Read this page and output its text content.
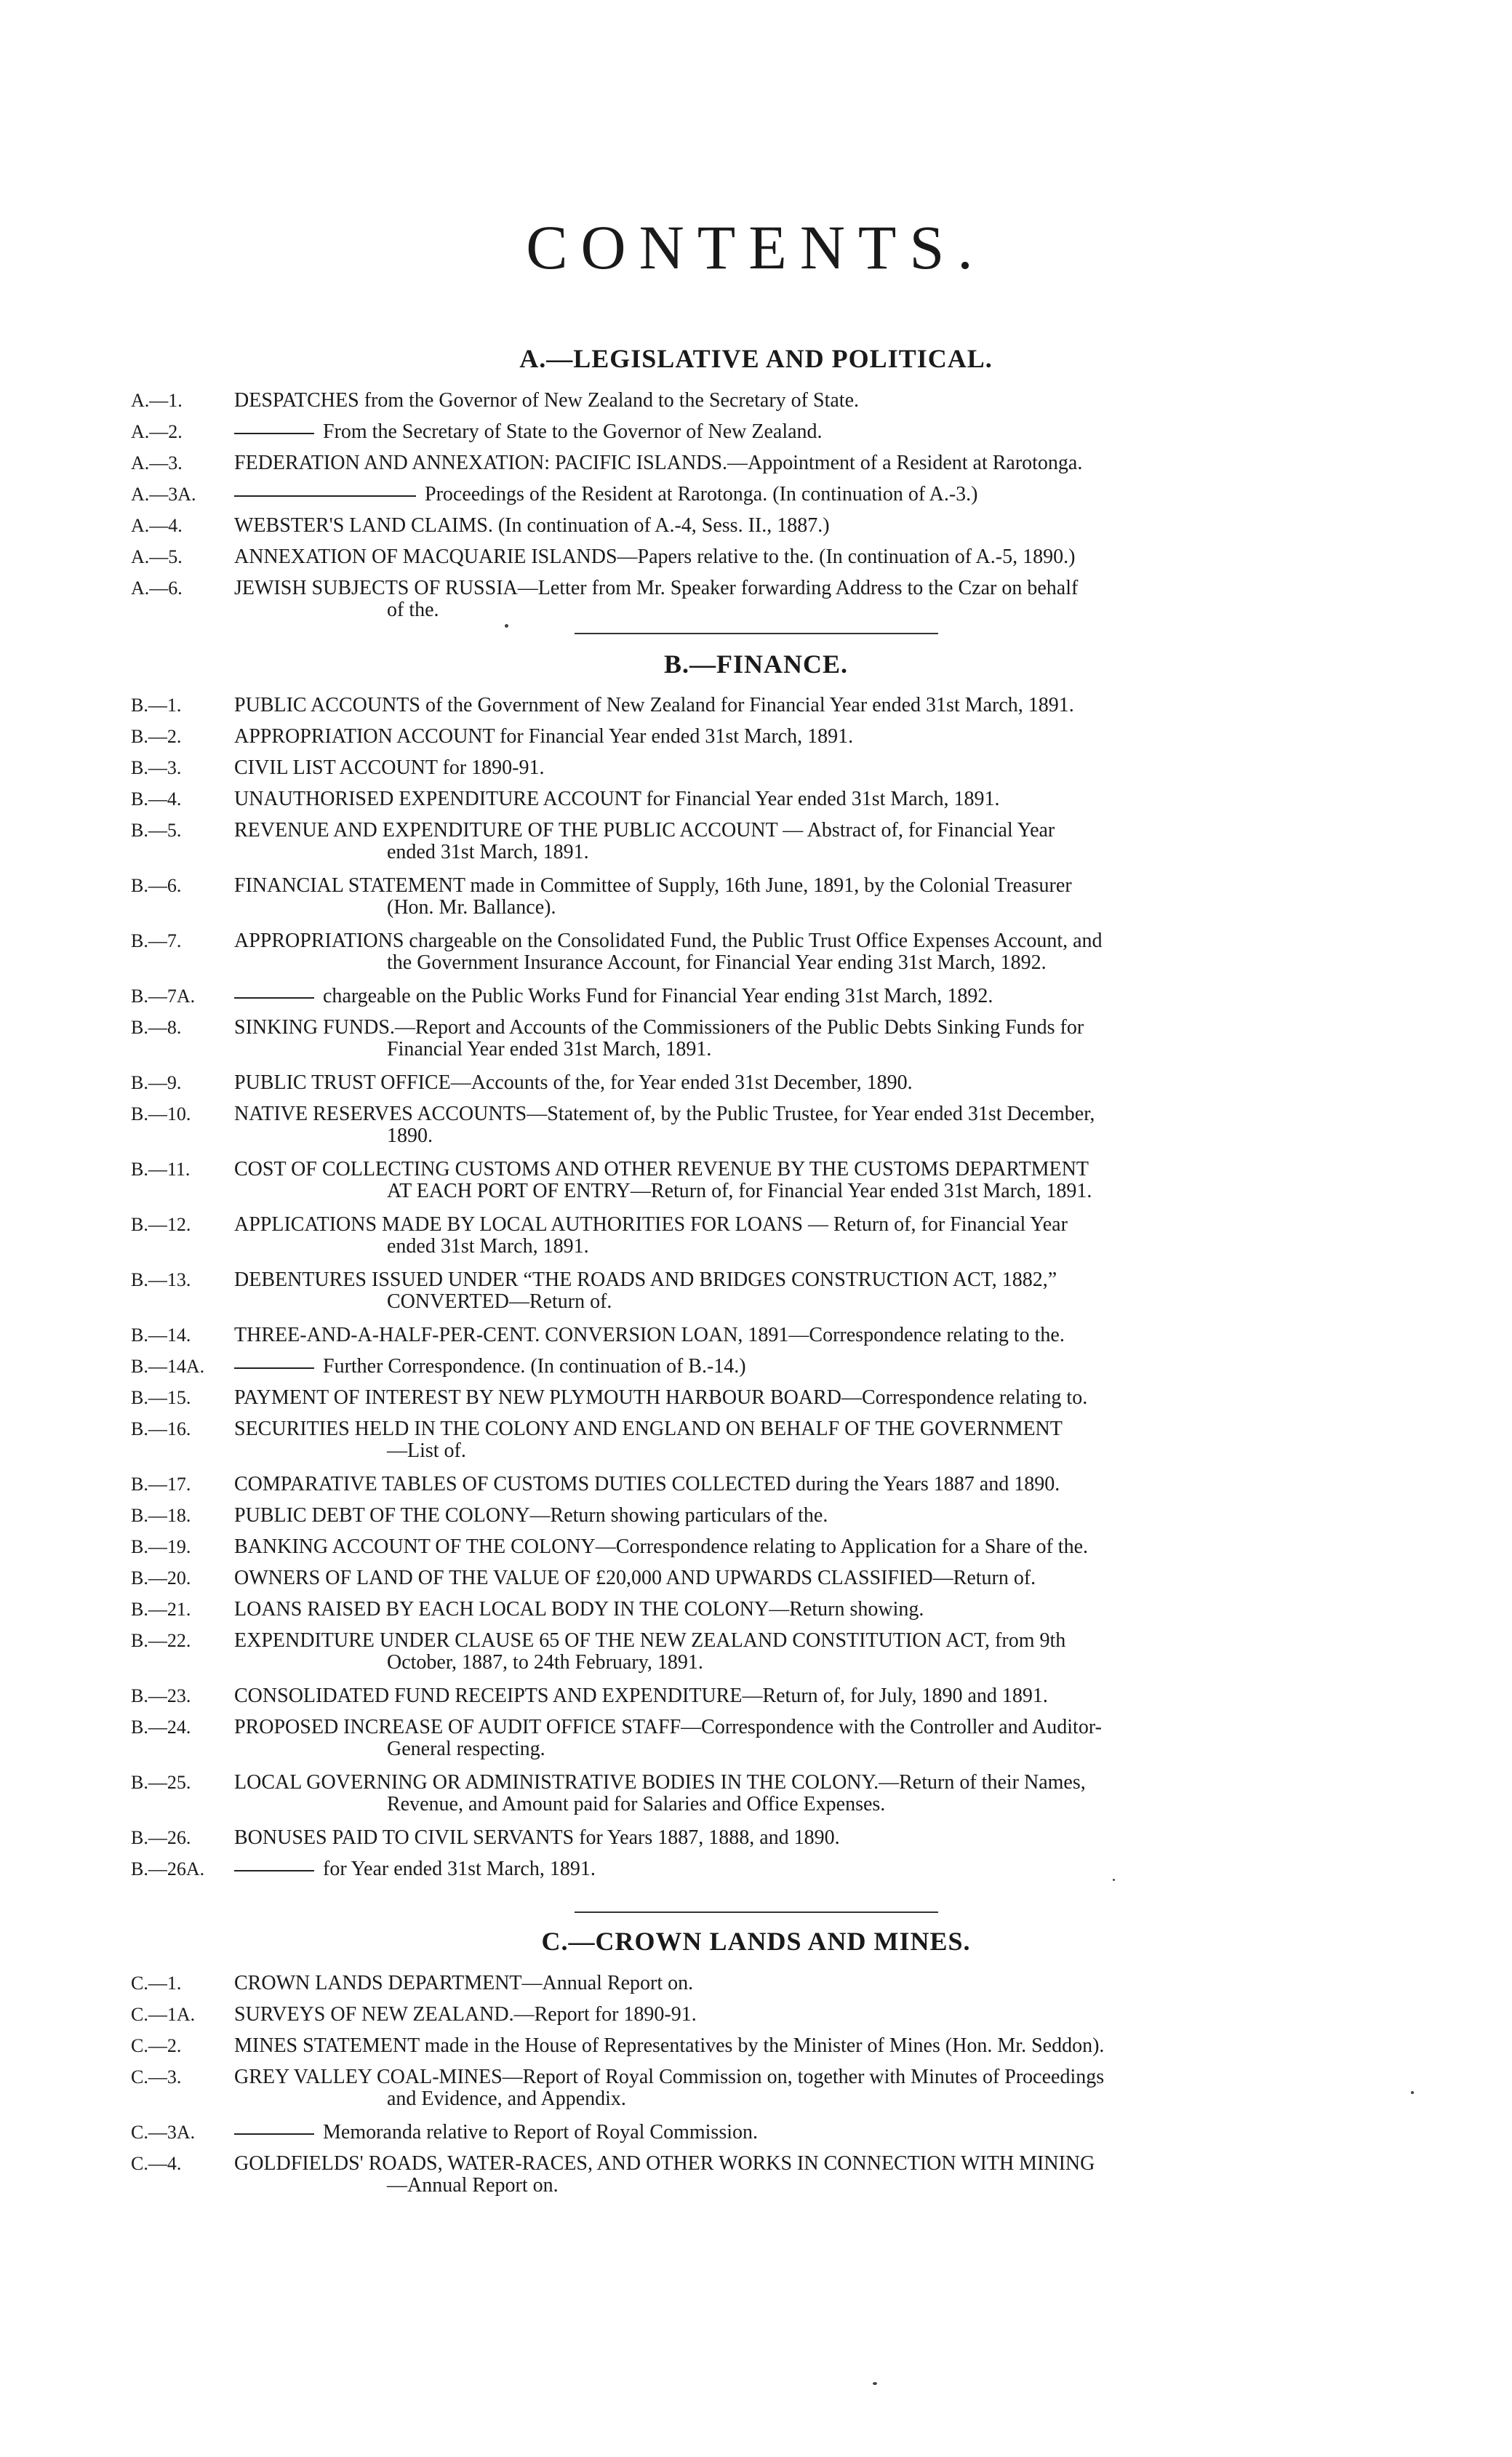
CONTENTS.
A.—LEGISLATIVE AND POLITICAL.
A.—1.	DESPATCHES from the Governor of New Zealand to the Secretary of State.
A.—2.	From the Secretary of State to the Governor of New Zealand.
A.—3.	FEDERATION AND ANNEXATION: PACIFIC ISLANDS.—Appointment of a Resident at Rarotonga.
A.—3A.	Proceedings of the Resident at Rarotonga. (In continuation of A.-3.)
A.—4.	WEBSTER'S LAND CLAIMS. (In continuation of A.-4, Sess. II., 1887.)
A.—5.	ANNEXATION OF MACQUARIE ISLANDS—Papers relative to the. (In continuation of A.-5, 1890.)
A.—6.	JEWISH SUBJECTS OF RUSSIA—Letter from Mr. Speaker forwarding Address to the Czar on behalf
of the.
B.—FINANCE.
B.—1.	PUBLIC ACCOUNTS of the Government of New Zealand for Financial Year ended 31st March, 1891.
B.—2.	APPROPRIATION ACCOUNT for Financial Year ended 31st March, 1891.
B.—3.	CIVIL LIST ACCOUNT for 1890-91.
B.—4.	UNAUTHORISED EXPENDITURE ACCOUNT for Financial Year ended 31st March, 1891.
B.—5.	REVENUE AND EXPENDITURE OF THE PUBLIC ACCOUNT — Abstract of, for Financial Year
ended 31st March, 1891.
B.—6.	FINANCIAL STATEMENT made in Committee of Supply, 16th June, 1891, by the Colonial Treasurer
(Hon. Mr. Ballance).
B.—7.	APPROPRIATIONS chargeable on the Consolidated Fund, the Public Trust Office Expenses Account, and
the Government Insurance Account, for Financial Year ending 31st March, 1892.
B.—7A.	chargeable on the Public Works Fund for Financial Year ending 31st March, 1892.
B.—8.	SINKING FUNDS.—Report and Accounts of the Commissioners of the Public Debts Sinking Funds for
Financial Year ended 31st March, 1891.
B.—9.	PUBLIC TRUST OFFICE—Accounts of the, for Year ended 31st December, 1890.
B.—10.	NATIVE RESERVES ACCOUNTS—Statement of, by the Public Trustee, for Year ended 31st December,
1890.
B.—11.	COST OF COLLECTING CUSTOMS AND OTHER REVENUE BY THE CUSTOMS DEPARTMENT
AT EACH PORT OF ENTRY—Return of, for Financial Year ended 31st March, 1891.
B.—12.	APPLICATIONS MADE BY LOCAL AUTHORITIES FOR LOANS — Return of, for Financial Year
ended 31st March, 1891.
B.—13.	DEBENTURES ISSUED UNDER “THE ROADS AND BRIDGES CONSTRUCTION ACT, 1882,”
CONVERTED—Return of.
B.—14.	THREE-AND-A-HALF-PER-CENT. CONVERSION LOAN, 1891—Correspondence relating to the.
B.—14A.	Further Correspondence. (In continuation of B.-14.)
B.—15.	PAYMENT OF INTEREST BY NEW PLYMOUTH HARBOUR BOARD—Correspondence relating to.
B.—16.	SECURITIES HELD IN THE COLONY AND ENGLAND ON BEHALF OF THE GOVERNMENT
—List of.
B.—17.	COMPARATIVE TABLES OF CUSTOMS DUTIES COLLECTED during the Years 1887 and 1890.
B.—18.	PUBLIC DEBT OF THE COLONY—Return showing particulars of the.
B.—19.	BANKING ACCOUNT OF THE COLONY—Correspondence relating to Application for a Share of the.
B.—20.	OWNERS OF LAND OF THE VALUE OF £20,000 AND UPWARDS CLASSIFIED—Return of.
B.—21.	LOANS RAISED BY EACH LOCAL BODY IN THE COLONY—Return showing.
B.—22.	EXPENDITURE UNDER CLAUSE 65 OF THE NEW ZEALAND CONSTITUTION ACT, from 9th
October, 1887, to 24th February, 1891.
B.—23.	CONSOLIDATED FUND RECEIPTS AND EXPENDITURE—Return of, for July, 1890 and 1891.
B.—24.	PROPOSED INCREASE OF AUDIT OFFICE STAFF—Correspondence with the Controller and Auditor-
General respecting.
B.—25.	LOCAL GOVERNING OR ADMINISTRATIVE BODIES IN THE COLONY.—Return of their Names,
Revenue, and Amount paid for Salaries and Office Expenses.
B.—26.	BONUSES PAID TO CIVIL SERVANTS for Years 1887, 1888, and 1890.
B.—26A.	for Year ended 31st March, 1891.
C.—CROWN LANDS AND MINES.
C.—1.	CROWN LANDS DEPARTMENT—Annual Report on.
C.—1A.	SURVEYS OF NEW ZEALAND.—Report for 1890-91.
C.—2.	MINES STATEMENT made in the House of Representatives by the Minister of Mines (Hon. Mr. Seddon).
C.—3.	GREY VALLEY COAL-MINES—Report of Royal Commission on, together with Minutes of Proceedings
and Evidence, and Appendix.
C.—3A.	Memoranda relative to Report of Royal Commission.
C.—4.	GOLDFIELDS' ROADS, WATER-RACES, AND OTHER WORKS IN CONNECTION WITH MINING
—Annual Report on.
